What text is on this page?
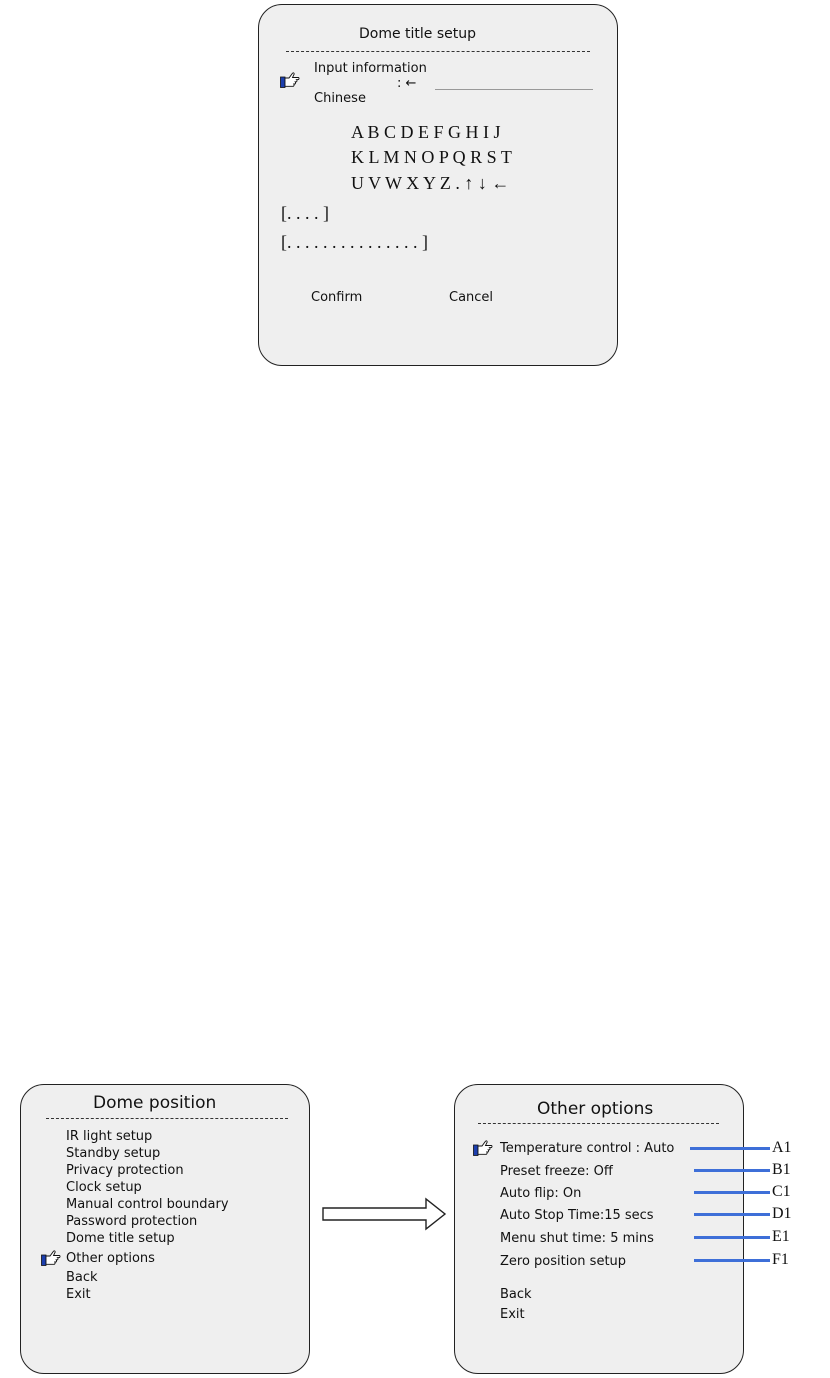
Dome title setup
Input information
: ←
Chinese
A B C D E F G H I J
K L M N O P Q R S T
U V W X Y Z . ↑ ↓ ←
[. . . . ]
[. . . . . . . . . . . . . . . ]
Confirm	Cancel
Dome position
IR light setup
Standby setup
Privacy protection
Clock setup
Manual control boundary
Password protection
Dome title setup
Other options
Back
Exit
Other options
Temperature control : Auto
Preset freeze: Off
Auto flip: On
Auto Stop Time:15 secs
Menu shut time: 5 mins
Zero position setup
Back
Exit
A1
B1
C1
D1
E1
F1
